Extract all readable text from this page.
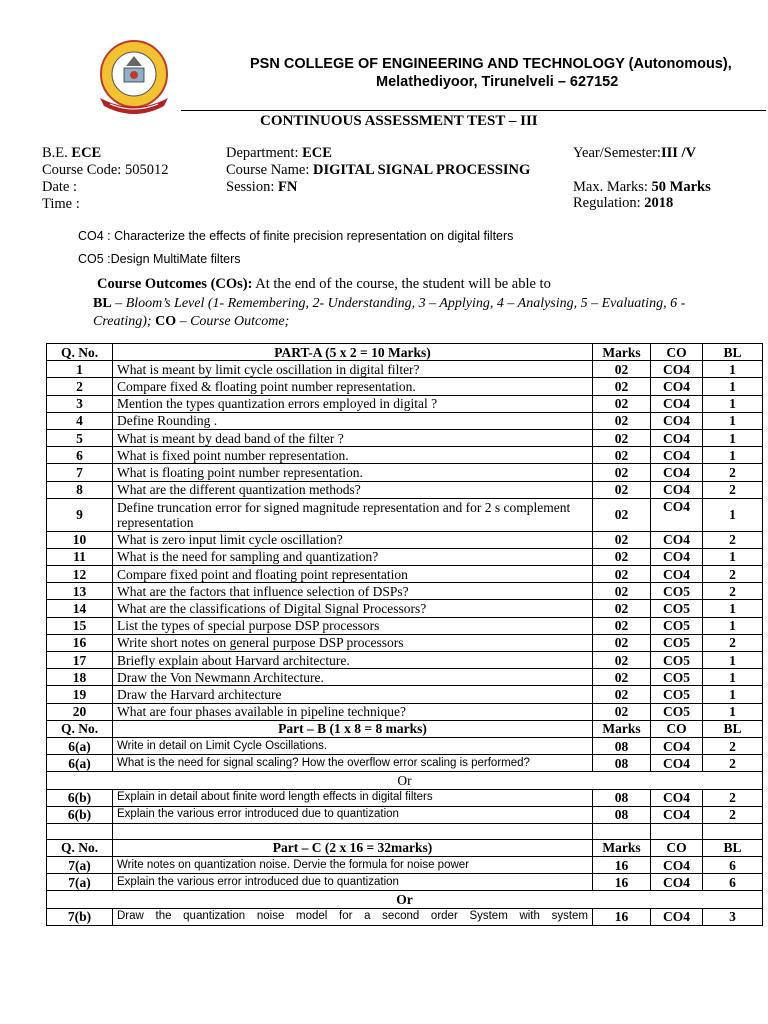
PSN COLLEGE OF ENGINEERING AND TECHNOLOGY (Autonomous),
Melathediyoor, Tirunelveli – 627152
CONTINUOUS ASSESSMENT TEST – III
B.E. ECE
Course Code: 505012
Date :
Time :
Department: ECE
Course Name: DIGITAL SIGNAL PROCESSING
Session: FN
Year/Semester:III /V
Max. Marks: 50 Marks
Regulation: 2018
CO4 : Characterize the effects of finite precision representation on digital filters
CO5 :Design MultiMate filters
Course Outcomes (COs): At the end of the course, the student will be able to
BL – Bloom’s Level (1- Remembering, 2- Understanding, 3 – Applying, 4 – Analysing, 5 – Evaluating, 6 - Creating); CO – Course Outcome;
Q. No.	PART-A (5 x 2 = 10 Marks)	Marks	CO	BL
1	What is meant by limit cycle oscillation in digital filter?	02	CO4	1
2	Compare fixed & floating point number representation.	02	CO4	1
3	Mention the types quantization errors employed in digital ?	02	CO4	1
4	Define Rounding .	02	CO4	1
5	What is meant by dead band of the filter ?	02	CO4	1
6	What is fixed point number representation.	02	CO4	1
7	What is floating point number representation.	02	CO4	2
8	What are the different quantization methods?	02	CO4	2
9	Define truncation error for signed magnitude representation and for 2 s complement representation	02	CO4	1
10	What is zero input limit cycle oscillation?	02	CO4	2
11	What is the need for sampling and quantization?	02	CO4	1
12	Compare fixed point and floating point representation	02	CO4	2
13	What are the factors that influence selection of DSPs?	02	CO5	2
14	What are the classifications of Digital Signal Processors?	02	CO5	1
15	List the types of special purpose DSP processors	02	CO5	1
16	Write short notes on general purpose DSP processors	02	CO5	2
17	Briefly explain about Harvard architecture.	02	CO5	1
18	Draw the Von Newmann Architecture.	02	CO5	1
19	Draw the Harvard architecture	02	CO5	1
20	What are four phases available in pipeline technique?	02	CO5	1
Q. No.	Part – B (1 x 8 = 8 marks)	Marks	CO	BL
6(a)	Write in detail on Limit Cycle Oscillations.	08	CO4	2
6(a)	What is the need for signal scaling? How the overflow error scaling is performed?	08	CO4	2
Or				
6(b)	Explain in detail about finite word length effects in digital filters	08	CO4	2
6(b)	Explain the various error introduced due to quantization	08	CO4	2

Q. No.	Part – C (2 x 16 = 32marks)	Marks	CO	BL
7(a)	Write notes on quantization noise. Dervie the formula for noise power	16	CO4	6
7(a)	Explain the various error introduced due to quantization	16	CO4	6
Or				
7(b)	Draw the quantization noise model for a second order System with system	16	CO4	3
